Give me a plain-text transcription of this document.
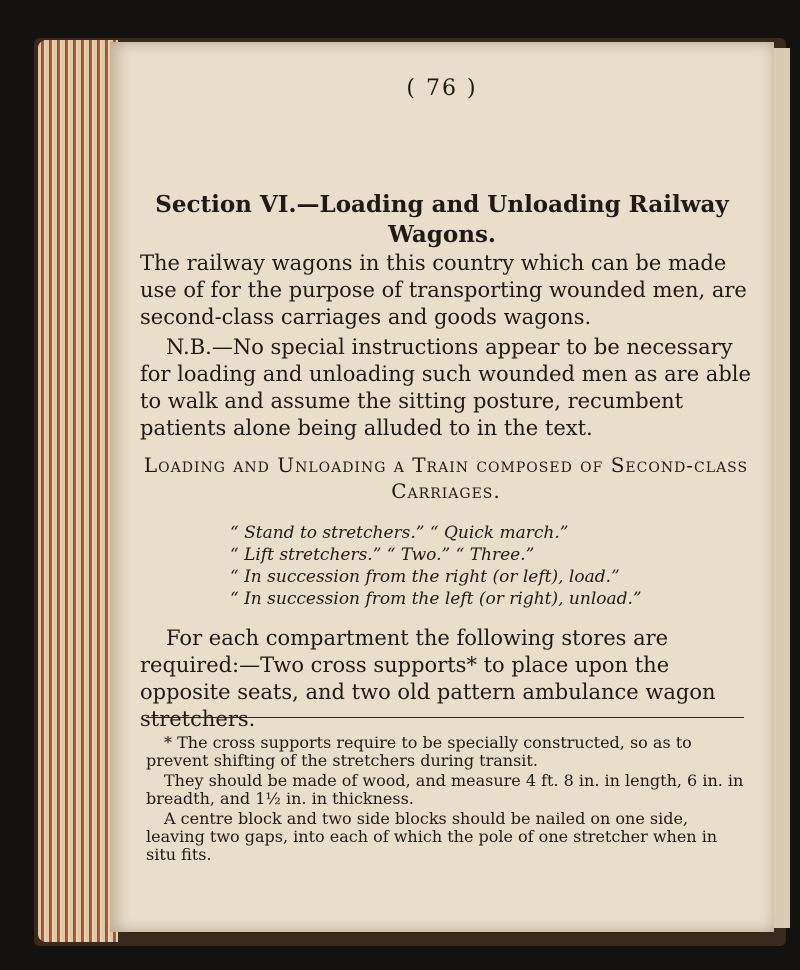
( 76 )
Section VI.—Loading and Unloading Railway
Wagons.
The railway wagons in this country which can be made use of for the purpose of transporting wounded men, are second-class carriages and goods wagons.
N.B.—No special instructions appear to be necessary for loading and unloading such wounded men as are able to walk and assume the sitting posture, recumbent patients alone being alluded to in the text.
Loading and Unloading a Train composed of Second-class Carriages.
“ Stand to stretchers.” “ Quick march.”
“ Lift stretchers.” “ Two.” “ Three.”
“ In succession from the right (or left), load.”
“ In succession from the left (or right), unload.”
For each compartment the following stores are required:—Two cross supports* to place upon the opposite seats, and two old pattern ambulance wagon stretchers.
* The cross supports require to be specially constructed, so as to prevent shifting of the stretchers during transit.
They should be made of wood, and measure 4 ft. 8 in. in length, 6 in. in breadth, and 1½ in. in thickness.
A centre block and two side blocks should be nailed on one side, leaving two gaps, into each of which the pole of one stretcher when in situ fits.
